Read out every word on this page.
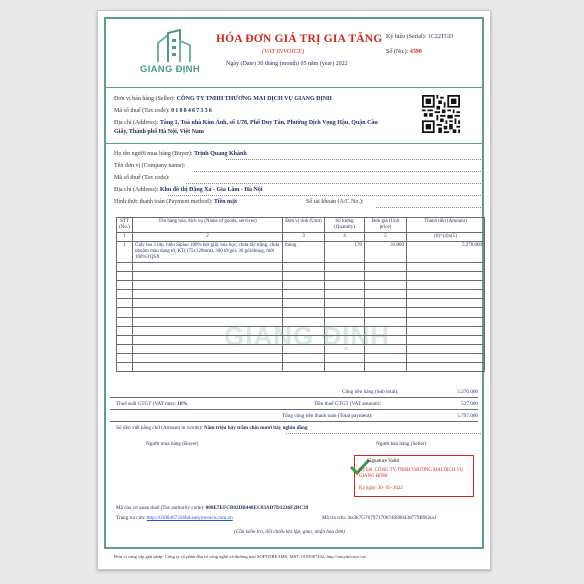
GIANG ĐỊNH
HÓA ĐƠN GIÁ TRỊ GIA TĂNG
(VAT INVOICE)
Ngày (Date) 30 tháng (month) 05 năm (year) 2022
Ký hiệu (Serial): 1C22TGD
Số (No.): 4390
Đơn vị bán hàng (Seller): CÔNG TY TNHH THƯƠNG MẠI DỊCH VỤ GIANG ĐỊNH
Mã số thuế (Tax code): 0108467336
Địa chỉ (Address): Tầng 1, Toà nhà Kim Ánh, số 1/78, Phố Duy Tân, Phường Dịch Vọng Hậu, Quận Cầu
Giấy, Thành phố Hà Nội, Việt Nam
Họ tên người mua hàng (Buyer): Trịnh Quang Khánh
Tên đơn vị (Company name):
Mã số thuế (Tax code):
Địa chỉ (Address): Khu đô thị Đặng Xá - Gia Lâm - Hà Nội
Hình thức thanh toán (Payment method): Tiền mặt	Số tài khoản (A/C No.):
GIANG ĐỊNH
STT (No.)	Tên hàng hóa, dịch vụ (Name of goods, services)	Đơn vị tính (Unit)	Số lượng (Quantity)	Đơn giá (Unit price)	Thành tiền (Amount)
1	2	3	4	5	(6)=(4)x(5)
1	Giấy lau 3 lớp, hiệu Sipiao 100% bột giấy hóa học, chưa tẩy trắng, chưa nhuộm màu dạng tờ, KT(175x120mm), 300 tờ/gói, 30 gói/thùng, mới 100%TQSX	thùng	170	31.000	5.270.000

Cộng tiền hàng (Sub total):	5.270.000
Thuế suất GTGT (VAT rate): 10%	Tiền thuế GTGT (VAT amount):	527.000
Tổng cộng tiền thanh toán (Total payment):	5.797.000
Số tiền viết bằng chữ (Amount in words): Năm triệu bảy trăm chín mươi bảy nghìn đồng
Người mua hàng (Buyer)	Người bán hàng (Seller)
Signature Valid
Ký bởi: CÔNG TY TNHH THƯƠNG MẠI DỊCH VỤ GIANG ĐỊNH
Ký ngày: 30- 05- 2022
Mã của cơ quan thuế (Tax authority code): 008E7EFCB02DB448EC83AD7D1236F2BC39
Trang tra cứu: http://0108467336hd.easyinvoice.com.vn	Mã tra cứu: 3ts3k7G767971706746800438779B9GkxJ
(Cần kiểm tra, đối chiếu khi lập, giao, nhận hóa đơn)
Đơn vị cung cấp giải pháp: Công ty cổ phần đầu tư công nghệ và thương mại SOFTDREAMS, MST: 0105987432, http://easyinvoice.vn/
